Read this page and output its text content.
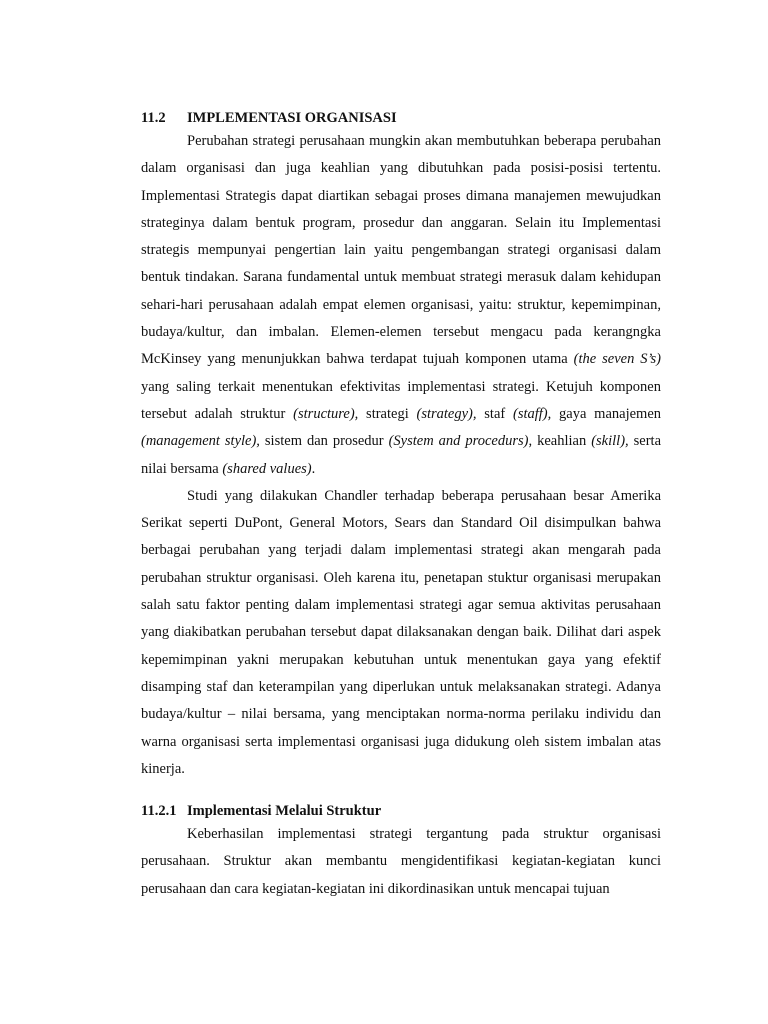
11.2 IMPLEMENTASI ORGANISASI

Perubahan strategi perusahaan mungkin akan membutuhkan beberapa perubahan dalam organisasi dan juga keahlian yang dibutuhkan pada posisi-posisi tertentu. Implementasi Strategis dapat diartikan sebagai proses dimana manajemen mewujudkan strateginya dalam bentuk program, prosedur dan anggaran. Selain itu Implementasi strategis mempunyai pengertian lain yaitu pengembangan strategi organisasi dalam bentuk tindakan. Sarana fundamental untuk membuat strategi merasuk dalam kehidupan sehari-hari perusahaan adalah empat elemen organisasi, yaitu: struktur, kepemimpinan, budaya/kultur, dan imbalan. Elemen-elemen tersebut mengacu pada kerangngka McKinsey yang menunjukkan bahwa terdapat tujuah komponen utama (the seven S’s) yang saling terkait menentukan efektivitas implementasi strategi. Ketujuh komponen tersebut adalah struktur (structure), strategi (strategy), staf (staff), gaya manajemen (management style), sistem dan prosedur (System and procedurs), keahlian (skill), serta nilai bersama (shared values).

Studi yang dilakukan Chandler terhadap beberapa perusahaan besar Amerika Serikat seperti DuPont, General Motors, Sears dan Standard Oil disimpulkan bahwa berbagai perubahan yang terjadi dalam implementasi strategi akan mengarah pada perubahan struktur organisasi. Oleh karena itu, penetapan stuktur organisasi merupakan salah satu faktor penting dalam implementasi strategi agar semua aktivitas perusahaan yang diakibatkan perubahan tersebut dapat dilaksanakan dengan baik. Dilihat dari aspek kepemimpinan yakni merupakan kebutuhan untuk menentukan gaya yang efektif disamping staf dan keterampilan yang diperlukan untuk melaksanakan strategi. Adanya budaya/kultur – nilai bersama, yang menciptakan norma-norma perilaku individu dan warna organisasi serta implementasi organisasi juga didukung oleh sistem imbalan atas kinerja.

11.2.1 Implementasi Melalui Struktur

Keberhasilan implementasi strategi tergantung pada struktur organisasi perusahaan. Struktur akan membantu mengidentifikasi kegiatan-kegiatan kunci perusahaan dan cara kegiatan-kegiatan ini dikordinasikan untuk mencapai tujuan
